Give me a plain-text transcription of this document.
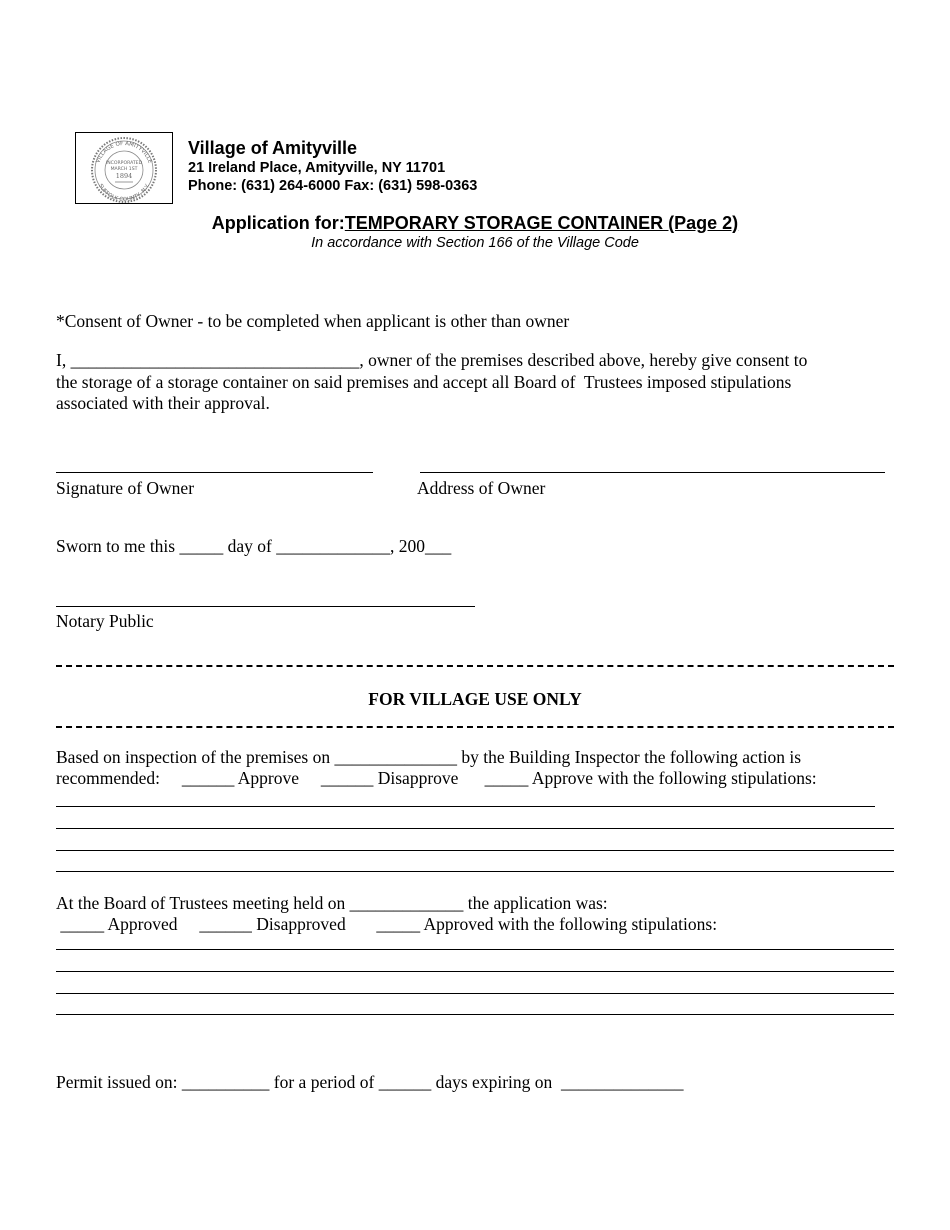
VILLAGE OF AMITYVILLE
SUFFOLK COUNTY, N.Y.
INCORPORATED
MARCH 1ST
1894
Village of Amityville
21 Ireland Place, Amityville, NY 11701
Phone: (631) 264-6000 Fax: (631) 598-0363
Application for:TEMPORARY STORAGE CONTAINER (Page 2)
In accordance with Section 166 of the Village Code
*Consent of Owner - to be completed when applicant is other than owner
I, _________________________________, owner of the premises described above, hereby give consent to
the storage of a storage container on said premises and accept all Board of  Trustees imposed stipulations
associated with their approval.
Signature of Owner	Address of Owner
Sworn to me this _____ day of _____________, 200___
Notary Public
FOR VILLAGE USE ONLY
Based on inspection of the premises on ______________ by the Building Inspector the following action is
recommended:     ______ Approve     ______ Disapprove      _____ Approve with the following stipulations:
At the Board of Trustees meeting held on _____________ the application was:
_____ Approved     ______ Disapproved       _____ Approved with the following stipulations:
Permit issued on: __________ for a period of ______ days expiring on  ______________
